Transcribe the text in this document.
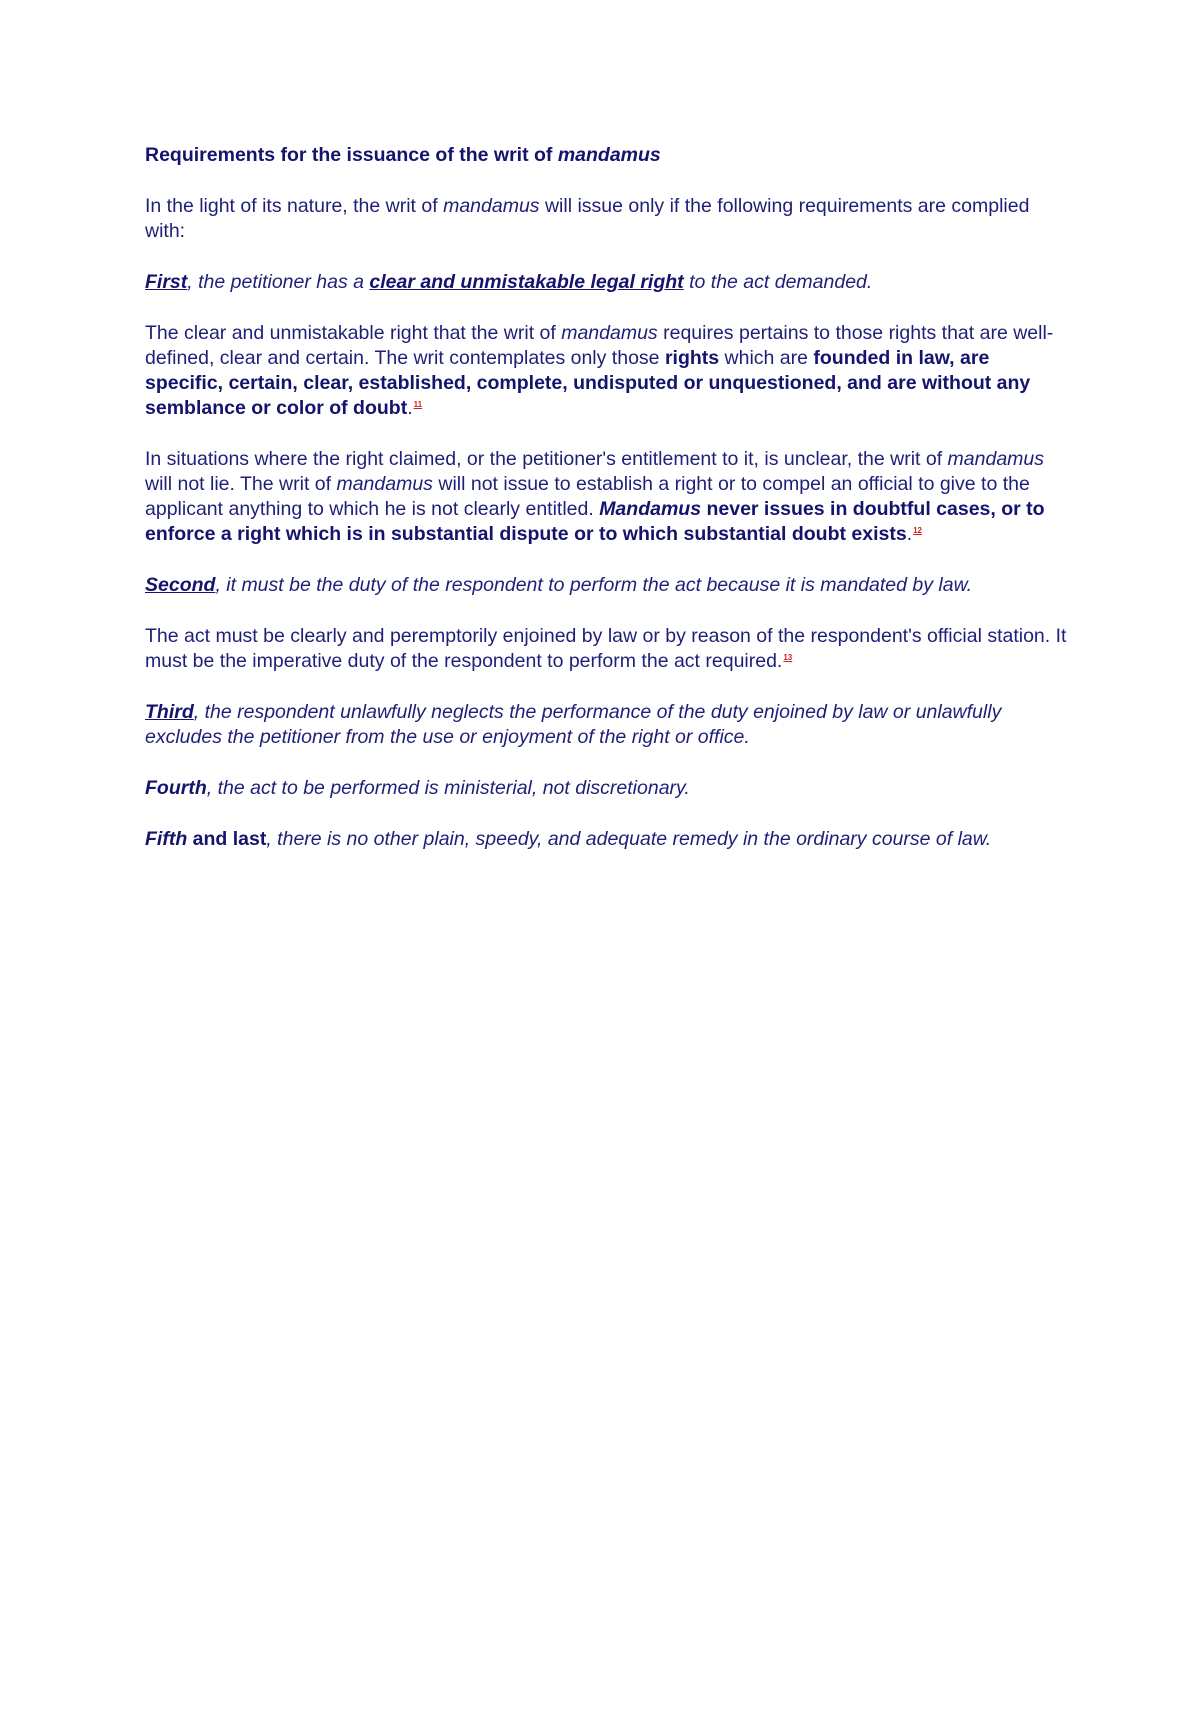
Requirements for the issuance of the writ of mandamus

In the light of its nature, the writ of mandamus will issue only if the following requirements are complied with:

First, the petitioner has a clear and unmistakable legal right to the act demanded.

The clear and unmistakable right that the writ of mandamus requires pertains to those rights that are well-defined, clear and certain. The writ contemplates only those rights which are founded in law, are specific, certain, clear, established, complete, undisputed or unquestioned, and are without any semblance or color of doubt.$^{11}$

In situations where the right claimed, or the petitioner's entitlement to it, is unclear, the writ of mandamus will not lie. The writ of mandamus will not issue to establish a right or to compel an official to give to the applicant anything to which he is not clearly entitled. Mandamus never issues in doubtful cases, or to enforce a right which is in substantial dispute or to which substantial doubt exists.$^{12}$

Second, it must be the duty of the respondent to perform the act because it is mandated by law.

The act must be clearly and peremptorily enjoined by law or by reason of the respondent's official station. It must be the imperative duty of the respondent to perform the act required.$^{13}$

Third, the respondent unlawfully neglects the performance of the duty enjoined by law or unlawfully excludes the petitioner from the use or enjoyment of the right or office.

Fourth, the act to be performed is ministerial, not discretionary.

Fifth and last, there is no other plain, speedy, and adequate remedy in the ordinary course of law.
